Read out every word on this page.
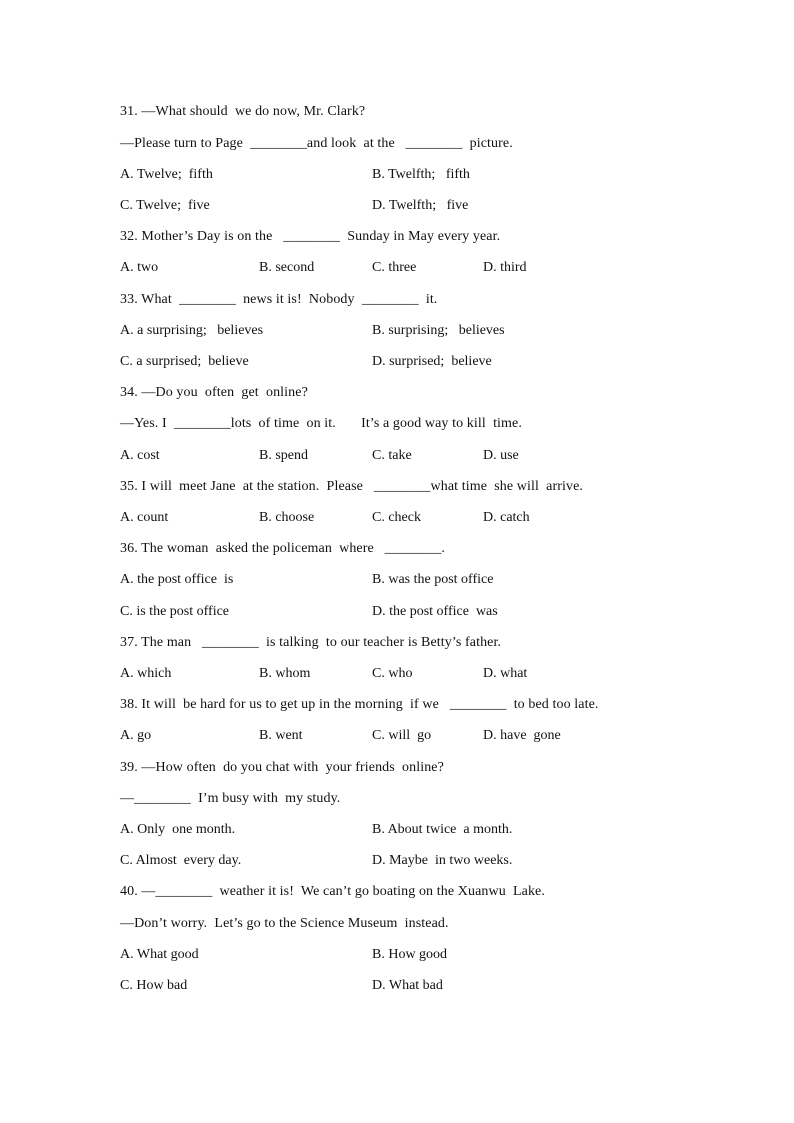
31. —What should  we do now, Mr. Clark?
—Please turn to Page  ________and look  at the   ________  picture.
A. Twelve;  fifth	B. Twelfth;   fifth
C. Twelve;  five	D. Twelfth;   five
32. Mother’s Day is on the   ________  Sunday in May every year.
A. two	B. second	C. three	D. third
33. What  ________  news it is!  Nobody  ________  it.
A. a surprising;   believes	B. surprising;   believes
C. a surprised;  believe	D. surprised;  believe
34. —Do you  often  get  online?
—Yes. I  ________lots  of time  on it.       It’s a good way to kill  time.
A. cost	B. spend	C. take	D. use
35. I will  meet Jane  at the station.  Please   ________what time  she will  arrive.
A. count	B. choose	C. check	D. catch
36. The woman  asked the policeman  where   ________.
A. the post office  is	B. was the post office
C. is the post office	D. the post office  was
37. The man   ________  is talking  to our teacher is Betty’s father.
A. which	B. whom	C. who	D. what
38. It will  be hard for us to get up in the morning  if we   ________  to bed too late.
A. go	B. went	C. will  go	D. have  gone
39. —How often  do you chat with  your friends  online?
—________  I’m busy with  my study.
A. Only  one month.	B. About twice  a month.
C. Almost  every day.	D. Maybe  in two weeks.
40. —________  weather it is!  We can’t go boating on the Xuanwu  Lake.
—Don’t worry.  Let’s go to the Science Museum  instead.
A. What good	B. How good
C. How bad	D. What bad
